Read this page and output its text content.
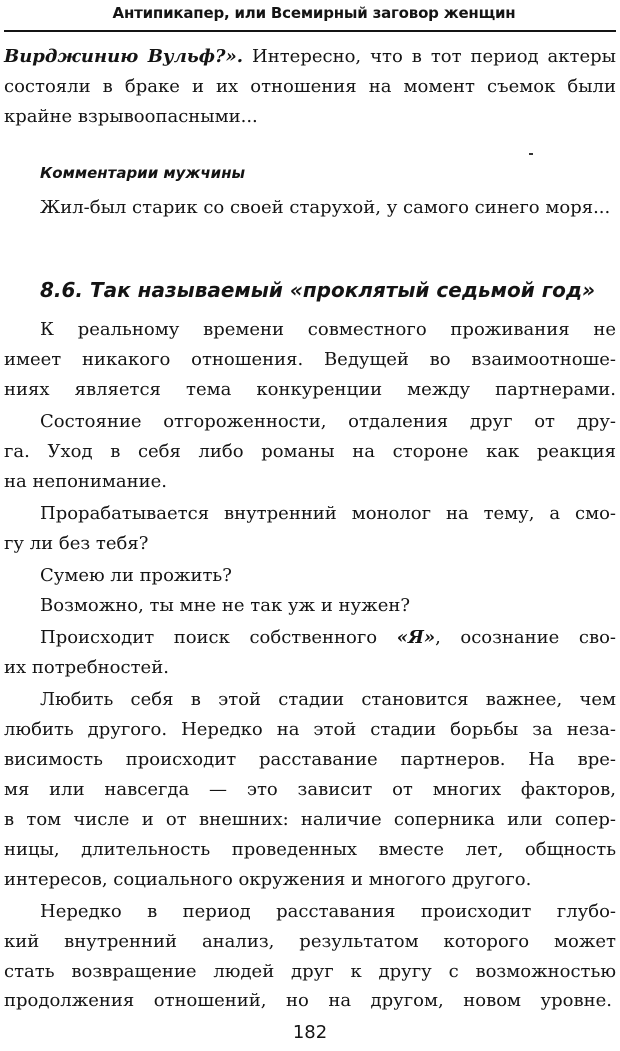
Антипикапер, или Всемирный заговор женщин
Вирджинию Вульф?». Интересно, что в тот период актеры
состояли в браке и их отношения на момент съемок были
крайне взрывоопасными...
Комментарии мужчины
Жил-был старик со своей старухой, у самого синего моря...
8.6. Так называемый «проклятый седьмой год»
К реальному времени совместного проживания не
имеет никакого отношения. Ведущей во взаимоотноше-
ниях является тема конкуренции между партнерами.
Состояние отгороженности, отдаления друг от дру-
га. Уход в себя либо романы на стороне как реакция
на непонимание.
Прорабатывается внутренний монолог на тему, а смо-
гу ли без тебя?
Сумею ли прожить?
Возможно, ты мне не так уж и нужен?
Происходит поиск собственного «Я», осознание сво-
их потребностей.
Любить себя в этой стадии становится важнее, чем
любить другого. Нередко на этой стадии борьбы за неза-
висимость происходит расставание партнеров. На вре-
мя или навсегда — это зависит от многих факторов,
в том числе и от внешних: наличие соперника или сопер-
ницы, длительность проведенных вместе лет, общность
интересов, социального окружения и многого другого.
Нередко в период расставания происходит глубо-
кий внутренний анализ, результатом которого может
стать возвращение людей друг к другу с возможностью
продолжения отношений, но на другом, новом уровне.
182
